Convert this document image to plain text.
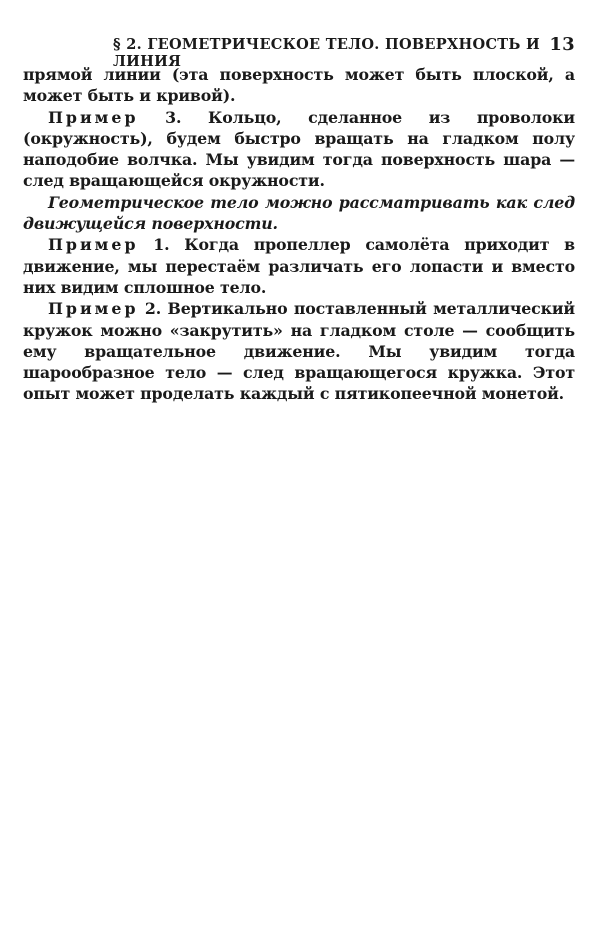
§ 2. ГЕОМЕТРИЧЕСКОЕ ТЕЛО. ПОВЕРХНОСТЬ И ЛИНИЯ
13

прямой линии (эта поверхность может быть плоской, а может быть и кривой).

Пример 3. Кольцо, сделанное из проволоки (окружность), будем быстро вращать на гладком полу наподобие волчка. Мы увидим тогда поверхность шара — след вращающейся окружности.

Геометрическое тело можно рассматривать как след движущейся поверхности.

Пример 1. Когда пропеллер самолёта приходит в движение, мы перестаём различать его лопасти и вместо них видим сплошное тело.

Пример 2. Вертикально поставленный металлический кружок можно «закрутить» на гладком столе — сообщить ему вращательное движение. Мы увидим тогда шарообразное тело — след вращающегося кружка. Этот опыт может проделать каждый с пятикопеечной монетой.
